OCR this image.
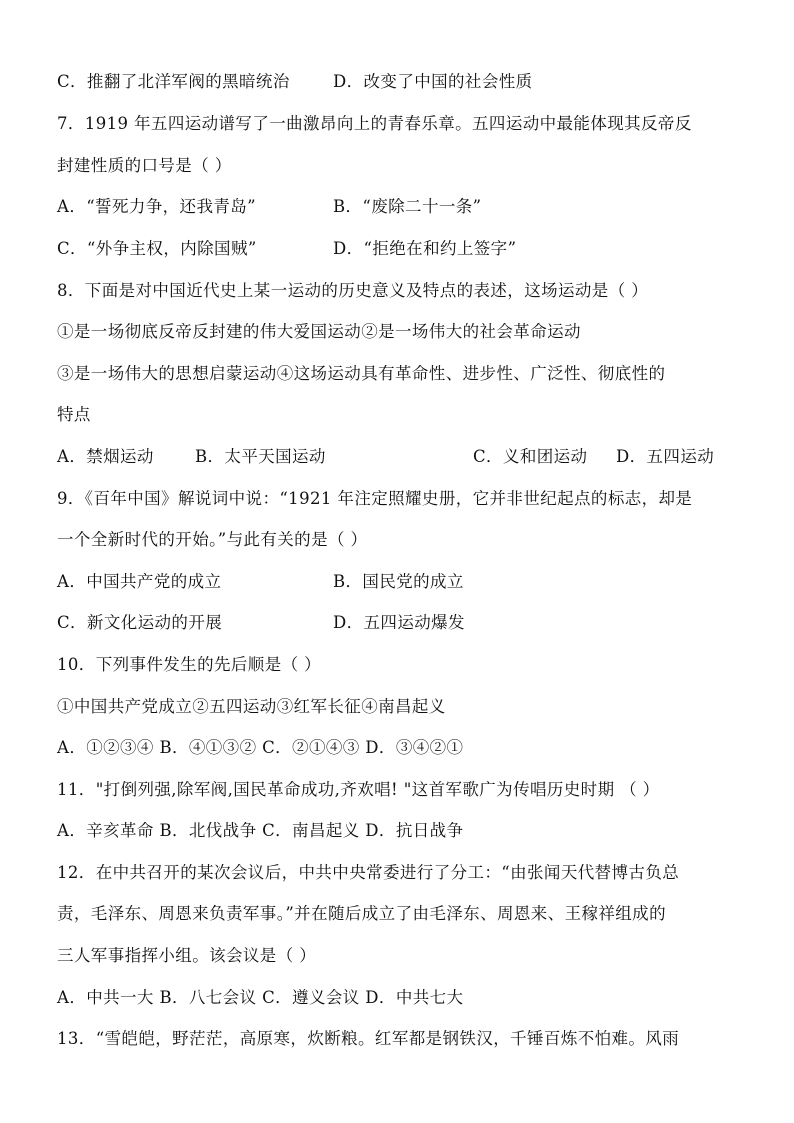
C．推翻了北洋军阀的黑暗统治	D．改变了中国的社会性质
7．1919 年五四运动谱写了一曲激昂向上的青春乐章。五四运动中最能体现其反帝反
封建性质的口号是（ ）
A．“誓死力争，还我青岛”	B．“废除二十一条”
C．“外争主权，内除国贼”	D．“拒绝在和约上签字”
8．下面是对中国近代史上某一运动的历史意义及特点的表述，这场运动是（ ）
①是一场彻底反帝反封建的伟大爱国运动②是一场伟大的社会革命运动
③是一场伟大的思想启蒙运动④这场运动具有革命性、进步性、广泛性、彻底性的
特点
A．禁烟运动 B．太平天国运动	C．义和团运动 D．五四运动
9．《百年中国》解说词中说：“1921 年注定照耀史册，它并非世纪起点的标志，却是
一个全新时代的开始。”与此有关的是（ ）
A．中国共产党的成立	B．国民党的成立
C．新文化运动的开展	D．五四运动爆发
10．下列事件发生的先后顺是（ ）
①中国共产党成立②五四运动③红军长征④南昌起义
A．①②③④ B．④①③② C．②①④③ D．③④②①
11．"打倒列强,除军阀,国民革命成功,齐欢唱! "这首军歌广为传唱历史时期 （ ）
A．辛亥革命 B．北伐战争 C．南昌起义 D．抗日战争
12．在中共召开的某次会议后，中共中央常委进行了分工：“由张闻天代替博古负总
责，毛泽东、周恩来负责军事。”并在随后成立了由毛泽东、周恩来、王稼祥组成的
三人军事指挥小组。该会议是（ ）
A．中共一大 B．八七会议 C．遵义会议 D．中共七大
13．“雪皑皑，野茫茫，高原寒，炊断粮。红军都是钢铁汉，千锤百炼不怕难。风雨
